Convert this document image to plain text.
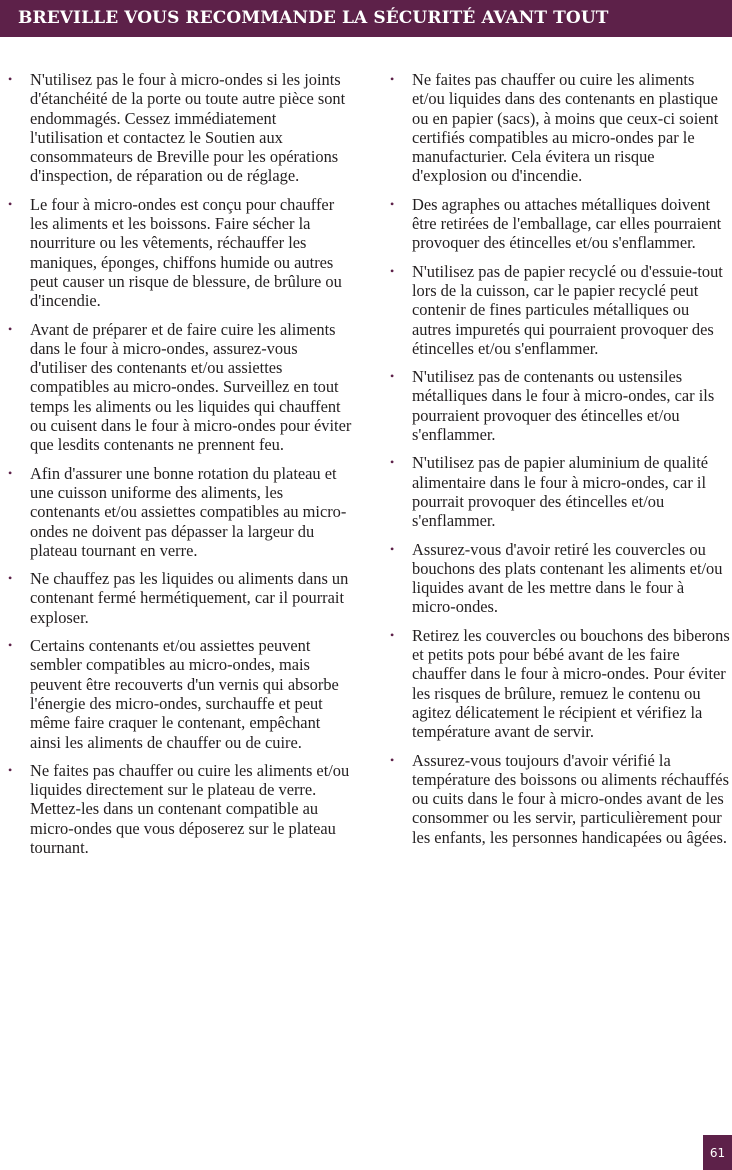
BREVILLE VOUS RECOMMANDE LA SÉCURITÉ AVANT TOUT
• N'utilisez pas le four à micro-ondes si les joints d'étanchéité de la porte ou toute autre pièce sont endommagés. Cessez immédiatement l'utilisation et contactez le Soutien aux consommateurs de Breville pour les opérations d'inspection, de réparation ou de réglage.
• Le four à micro-ondes est conçu pour chauffer les aliments et les boissons. Faire sécher la nourriture ou les vêtements, réchauffer les maniques, éponges, chiffons humide ou autres peut causer un risque de blessure, de brûlure ou d'incendie.
• Avant de préparer et de faire cuire les aliments dans le four à micro-ondes, assurez-vous d'utiliser des contenants et/ou assiettes compatibles au micro-ondes. Surveillez en tout temps les aliments ou les liquides qui chauffent ou cuisent dans le four à micro-ondes pour éviter que lesdits contenants ne prennent feu.
• Afin d'assurer une bonne rotation du plateau et une cuisson uniforme des aliments, les contenants et/ou assiettes compatibles au micro-ondes ne doivent pas dépasser la largeur du plateau tournant en verre.
• Ne chauffez pas les liquides ou aliments dans un contenant fermé hermétiquement, car il pourrait exploser.
• Certains contenants et/ou assiettes peuvent sembler compatibles au micro-ondes, mais peuvent être recouverts d'un vernis qui absorbe l'énergie des micro-ondes, surchauffe et peut même faire craquer le contenant, empêchant ainsi les aliments de chauffer ou de cuire.
• Ne faites pas chauffer ou cuire les aliments et/ou liquides directement sur le plateau de verre. Mettez-les dans un contenant compatible au micro-ondes que vous déposerez sur le plateau tournant.
• Ne faites pas chauffer ou cuire les aliments et/ou liquides dans des contenants en plastique ou en papier (sacs), à moins que ceux-ci soient certifiés compatibles au micro-ondes par le manufacturier. Cela évitera un risque d'explosion ou d'incendie.
• Des agraphes ou attaches métalliques doivent être retirées de l'emballage, car elles pourraient provoquer des étincelles et/ou s'enflammer.
• N'utilisez pas de papier recyclé ou d'essuie-tout lors de la cuisson, car le papier recyclé peut contenir de fines particules métalliques ou autres impuretés qui pourraient provoquer des étincelles et/ou s'enflammer.
• N'utilisez pas de contenants ou ustensiles métalliques dans le four à micro-ondes, car ils pourraient provoquer des étincelles et/ou s'enflammer.
• N'utilisez pas de papier aluminium de qualité alimentaire dans le four à micro-ondes, car il pourrait provoquer des étincelles et/ou s'enflammer.
• Assurez-vous d'avoir retiré les couvercles ou bouchons des plats contenant les aliments et/ou liquides avant de les mettre dans le four à micro-ondes.
• Retirez les couvercles ou bouchons des biberons et petits pots pour bébé avant de les faire chauffer dans le four à micro-ondes. Pour éviter les risques de brûlure, remuez le contenu ou agitez délicatement le récipient et vérifiez la température avant de servir.
• Assurez-vous toujours d'avoir vérifié la température des boissons ou aliments réchauffés ou cuits dans le four à micro-ondes avant de les consommer ou les servir, particulièrement pour les enfants, les personnes handicapées ou âgées.
61
